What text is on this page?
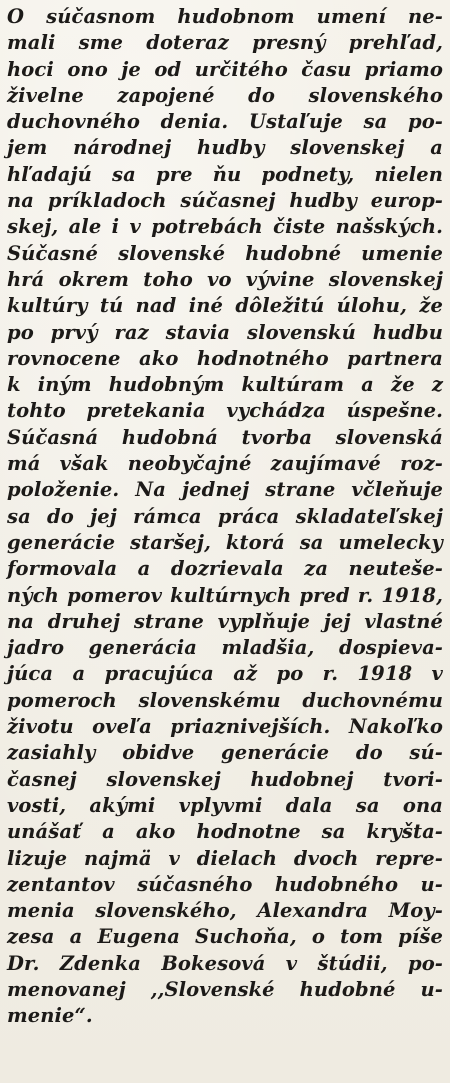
O súčasnom hudobnom umení ne-
mali sme doteraz presný prehľad,
hoci ono je od určitého času priamo
živelne zapojené do slovenského
duchovného denia. Ustaľuje sa po-
jem národnej hudby slovenskej a
hľadajú sa pre ňu podnety, nielen
na príkladoch súčasnej hudby europ-
skej, ale i v potrebách čiste našských.
Súčasné slovenské hudobné umenie
hrá okrem toho vo vývine slovenskej
kultúry tú nad iné dôležitú úlohu, že
po prvý raz stavia slovenskú hudbu
rovnocene ako hodnotného partnera
k iným hudobným kultúram a že z
tohto pretekania vychádza úspešne.
Súčasná hudobná tvorba slovenská
má však neobyčajné zaujímavé roz-
položenie. Na jednej strane včleňuje
sa do jej rámca práca skladateľskej
generácie staršej, ktorá sa umelecky
formovala a dozrievala za neuteše-
ných pomerov kultúrnych pred r. 1918,
na druhej strane vyplňuje jej vlastné
jadro generácia mladšia, dospieva-
júca a pracujúca až po r. 1918 v
pomeroch slovenskému duchovnému
životu oveľa priaznivejších. Nakoľko
zasiahly obidve generácie do sú-
časnej slovenskej hudobnej tvori-
vosti, akými vplyvmi dala sa ona
unášať a ako hodnotne sa kryšta-
lizuje najmä v dielach dvoch repre-
zentantov súčasného hudobného u-
menia slovenského, Alexandra Moy-
zesa a Eugena Suchoňa, o tom píše
Dr. Zdenka Bokesová v štúdii, po-
menovanej ,,Slovenské hudobné u-
menie“.
